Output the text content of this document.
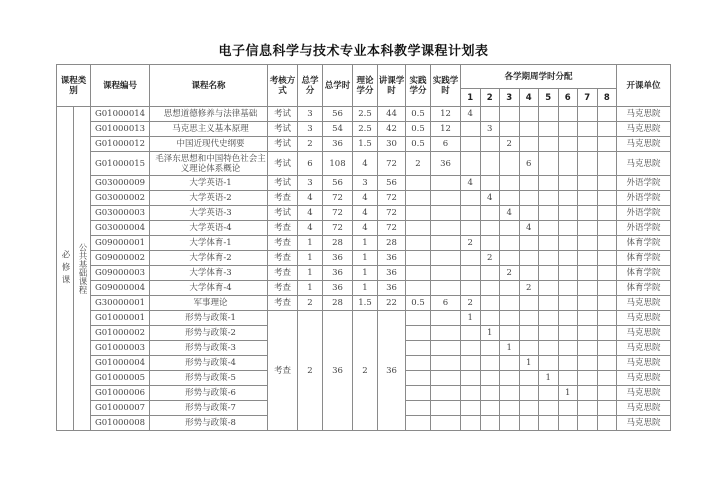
电子信息科学与技术专业本科教学课程计划表
课程类别		课程编号	课程名称	考核方式	总学分	总学时	理论学分	讲课学时	实践学分	实践学时	各学期周学时分配								开课单位
											1	2	3	4	5	6	7	8	
必修课	公共基础课程	G01000014	思想道德修养与法律基础	考试	3	56	2.5	44	0.5	12	4								马克思院
		G01000013	马克思主义基本原理	考试	3	54	2.5	42	0.5	12		3							马克思院
		G01000012	中国近现代史纲要	考试	2	36	1.5	30	0.5	6			2						马克思院
		G01000015	毛泽东思想和中国特色社会主义理论体系概论	考试	6	108	4	72	2	36				6					马克思院
		G03000009	大学英语-1	考试	3	56	3	56			4								外语学院
		G03000002	大学英语-2	考查	4	72	4	72				4							外语学院
		G03000003	大学英语-3	考试	4	72	4	72					4						外语学院
		G03000004	大学英语-4	考查	4	72	4	72						4					外语学院
		G09000001	大学体育-1	考查	1	28	1	28			2								体育学院
		G09000002	大学体育-2	考查	1	36	1	36				2							体育学院
		G09000003	大学体育-3	考查	1	36	1	36					2						体育学院
		G09000004	大学体育-4	考查	1	36	1	36						2					体育学院
		G30000001	军事理论	考查	2	28	1.5	22	0.5	6	2								马克思院
		G01000001	形势与政策-1	考查	2	36	2	36			1								马克思院
		G01000002	形势与政策-2									1							马克思院
		G01000003	形势与政策-3										1						马克思院
		G01000004	形势与政策-4											1					马克思院
		G01000005	形势与政策-5												1				马克思院
		G01000006	形势与政策-6													1			马克思院
		G01000007	形势与政策-7																马克思院
		G01000008	形势与政策-8																马克思院
